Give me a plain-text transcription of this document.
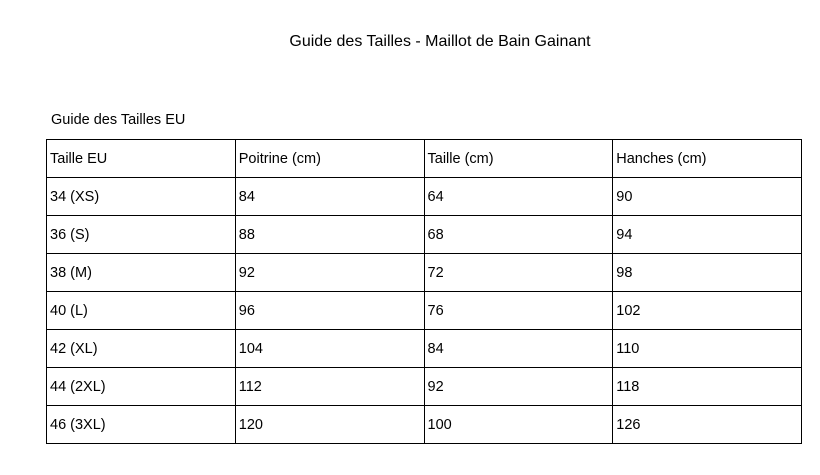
Guide des Tailles - Maillot de Bain Gainant
Guide des Tailles EU
Taille EU	Poitrine (cm)	Taille (cm)	Hanches (cm)
34 (XS)	84	64	90
36 (S)	88	68	94
38 (M)	92	72	98
40 (L)	96	76	102
42 (XL)	104	84	110
44 (2XL)	112	92	118
46 (3XL)	120	100	126
